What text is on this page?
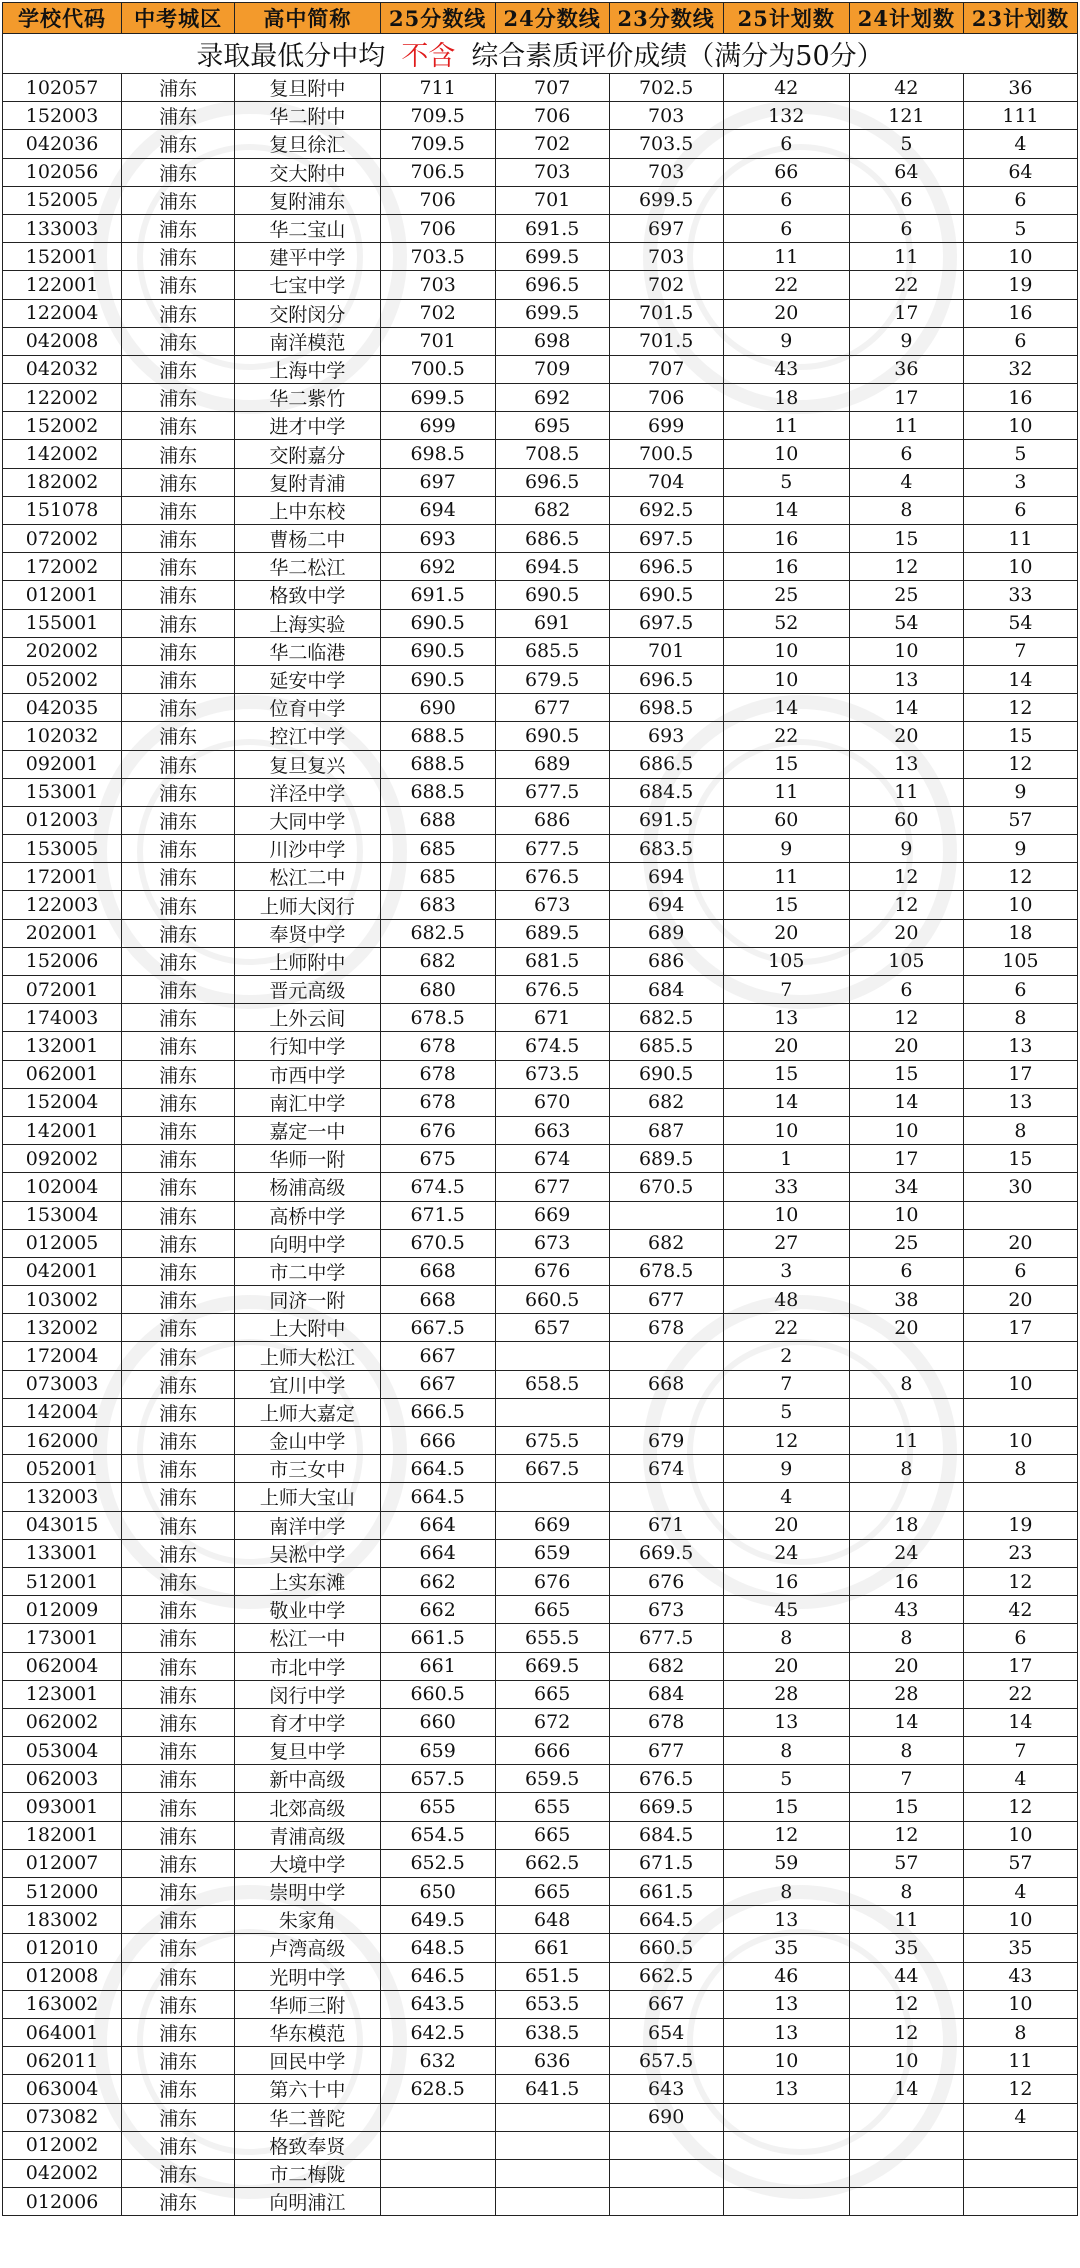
学校代码	中考城区	高中简称	25分数线	24分数线	23分数线	25计划数	24计划数	23计划数
录取最低分中均 不含 综合素质评价成绩（满分为50分）								
102057	浦东	复旦附中	711	707	702.5	42	42	36
152003	浦东	华二附中	709.5	706	703	132	121	111
042036	浦东	复旦徐汇	709.5	702	703.5	6	5	4
102056	浦东	交大附中	706.5	703	703	66	64	64
152005	浦东	复附浦东	706	701	699.5	6	6	6
133003	浦东	华二宝山	706	691.5	697	6	6	5
152001	浦东	建平中学	703.5	699.5	703	11	11	10
122001	浦东	七宝中学	703	696.5	702	22	22	19
122004	浦东	交附闵分	702	699.5	701.5	20	17	16
042008	浦东	南洋模范	701	698	701.5	9	9	6
042032	浦东	上海中学	700.5	709	707	43	36	32
122002	浦东	华二紫竹	699.5	692	706	18	17	16
152002	浦东	进才中学	699	695	699	11	11	10
142002	浦东	交附嘉分	698.5	708.5	700.5	10	6	5
182002	浦东	复附青浦	697	696.5	704	5	4	3
151078	浦东	上中东校	694	682	692.5	14	8	6
072002	浦东	曹杨二中	693	686.5	697.5	16	15	11
172002	浦东	华二松江	692	694.5	696.5	16	12	10
012001	浦东	格致中学	691.5	690.5	690.5	25	25	33
155001	浦东	上海实验	690.5	691	697.5	52	54	54
202002	浦东	华二临港	690.5	685.5	701	10	10	7
052002	浦东	延安中学	690.5	679.5	696.5	10	13	14
042035	浦东	位育中学	690	677	698.5	14	14	12
102032	浦东	控江中学	688.5	690.5	693	22	20	15
092001	浦东	复旦复兴	688.5	689	686.5	15	13	12
153001	浦东	洋泾中学	688.5	677.5	684.5	11	11	9
012003	浦东	大同中学	688	686	691.5	60	60	57
153005	浦东	川沙中学	685	677.5	683.5	9	9	9
172001	浦东	松江二中	685	676.5	694	11	12	12
122003	浦东	上师大闵行	683	673	694	15	12	10
202001	浦东	奉贤中学	682.5	689.5	689	20	20	18
152006	浦东	上师附中	682	681.5	686	105	105	105
072001	浦东	晋元高级	680	676.5	684	7	6	6
174003	浦东	上外云间	678.5	671	682.5	13	12	8
132001	浦东	行知中学	678	674.5	685.5	20	20	13
062001	浦东	市西中学	678	673.5	690.5	15	15	17
152004	浦东	南汇中学	678	670	682	14	14	13
142001	浦东	嘉定一中	676	663	687	10	10	8
092002	浦东	华师一附	675	674	689.5	1	17	15
102004	浦东	杨浦高级	674.5	677	670.5	33	34	30
153004	浦东	高桥中学	671.5	669		10	10	
012005	浦东	向明中学	670.5	673	682	27	25	20
042001	浦东	市二中学	668	676	678.5	3	6	6
103002	浦东	同济一附	668	660.5	677	48	38	20
132002	浦东	上大附中	667.5	657	678	22	20	17
172004	浦东	上师大松江	667			2		
073003	浦东	宜川中学	667	658.5	668	7	8	10
142004	浦东	上师大嘉定	666.5			5		
162000	浦东	金山中学	666	675.5	679	12	11	10
052001	浦东	市三女中	664.5	667.5	674	9	8	8
132003	浦东	上师大宝山	664.5			4		
043015	浦东	南洋中学	664	669	671	20	18	19
133001	浦东	吴淞中学	664	659	669.5	24	24	23
512001	浦东	上实东滩	662	676	676	16	16	12
012009	浦东	敬业中学	662	665	673	45	43	42
173001	浦东	松江一中	661.5	655.5	677.5	8	8	6
062004	浦东	市北中学	661	669.5	682	20	20	17
123001	浦东	闵行中学	660.5	665	684	28	28	22
062002	浦东	育才中学	660	672	678	13	14	14
053004	浦东	复旦中学	659	666	677	8	8	7
062003	浦东	新中高级	657.5	659.5	676.5	5	7	4
093001	浦东	北郊高级	655	655	669.5	15	15	12
182001	浦东	青浦高级	654.5	665	684.5	12	12	10
012007	浦东	大境中学	652.5	662.5	671.5	59	57	57
512000	浦东	崇明中学	650	665	661.5	8	8	4
183002	浦东	朱家角	649.5	648	664.5	13	11	10
012010	浦东	卢湾高级	648.5	661	660.5	35	35	35
012008	浦东	光明中学	646.5	651.5	662.5	46	44	43
163002	浦东	华师三附	643.5	653.5	667	13	12	10
064001	浦东	华东模范	642.5	638.5	654	13	12	8
062011	浦东	回民中学	632	636	657.5	10	10	11
063004	浦东	第六十中	628.5	641.5	643	13	14	12
073082	浦东	华二普陀			690			4
012002	浦东	格致奉贤						
042002	浦东	市二梅陇						
012006	浦东	向明浦江						
